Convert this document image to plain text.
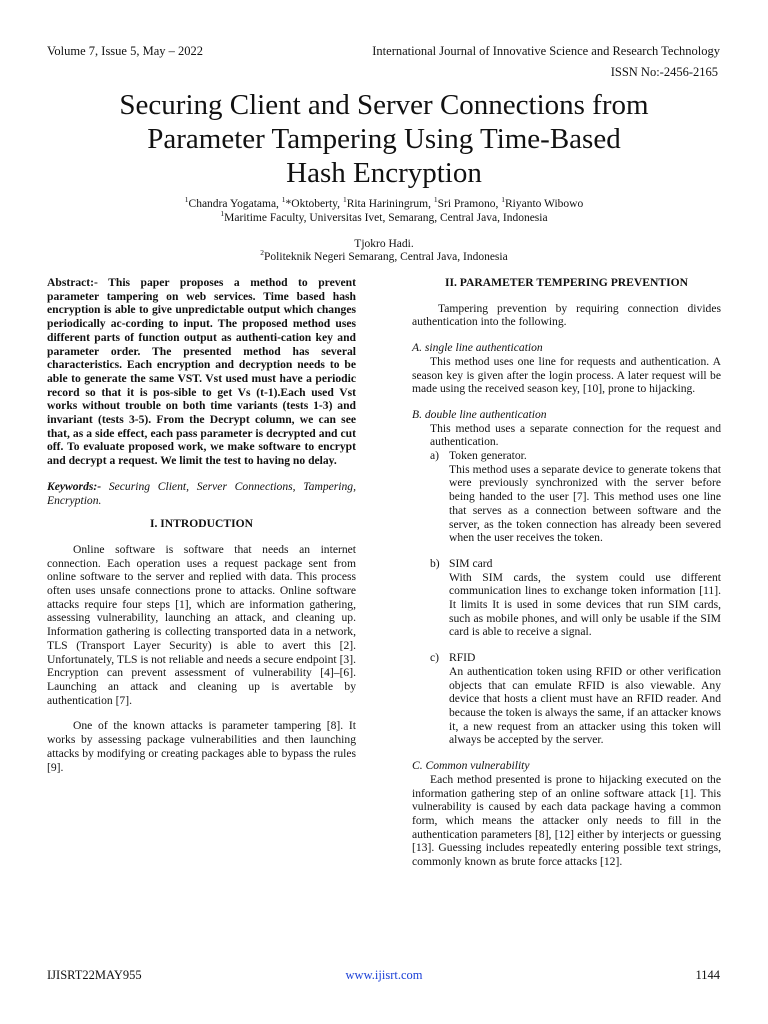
Volume 7, Issue 5, May – 2022	International Journal of Innovative Science and Research Technology
ISSN No:-2456-2165
Securing Client and Server Connections from
Parameter Tampering Using Time-Based
Hash Encryption
$^1$Chandra Yogatama, $^1$*Oktoberty, $^1$Rita Hariningrum, $^1$Sri Pramono, $^1$Riyanto Wibowo
$^1$Maritime Faculty, Universitas Ivet, Semarang, Central Java, Indonesia
Tjokro Hadi.
$^2$Politeknik Negeri Semarang, Central Java, Indonesia

Abstract:- This paper proposes a method to prevent parameter tampering on web services. Time based hash encryption is able to give unpredictable output which changes periodically ac-cording to input. The proposed method uses different parts of function output as authenti-cation key and parameter order. The presented method has several characteristics. Each encryption and decryption needs to be able to generate the same VST. Vst used must have a periodic record so that it is pos-sible to get Vs (t-1).Each used Vst works without trouble on both time variants (tests 1-3) and invariant (tests 3-5). From the Decrypt column, we can see that, as a side effect, each pass parameter is decrypted and cut off. To evaluate proposed work, we make software to encrypt and decrypt a request. We limit the test to having no delay.

Keywords:- Securing Client, Server Connections, Tampering, Encryption.

I. INTRODUCTION

Online software is software that needs an internet connection. Each operation uses a request package sent from online software to the server and replied with data. This process often uses unsafe connections prone to attacks. Online software attacks require four steps [1], which are information gathering, assessing vulnerability, launching an attack, and cleaning up. Information gathering is collecting transported data in a network, TLS (Transport Layer Security) is able to avert this [2]. Unfortunately, TLS is not reliable and needs a secure endpoint [3]. Encryption can prevent assessment of vulnerability [4]–[6]. Launching an attack and cleaning up is avertable by authentication [7].

One of the known attacks is parameter tampering [8]. It works by assessing package vulnerabilities and then launching attacks by modifying or creating packages able to bypass the rules [9].

II. PARAMETER TEMPERING PREVENTION

Tampering prevention by requiring connection divides authentication into the following.

A. single line authentication

This method uses one line for requests and authentication. A season key is given after the login process. A later request will be made using the received season key, [10], prone to hijacking.

B. double line authentication

This method uses a separate connection for the request and authentication.

a) Token generator.
This method uses a separate device to generate tokens that were previously synchronized with the server before being handed to the user [7]. This method uses one line that serves as a connection between software and the server, as the token connection has already been severed when the user receives the token.
b) SIM card
With SIM cards, the system could use different communication lines to exchange token information [11]. It limits It is used in some devices that run SIM cards, such as mobile phones, and will only be usable if the SIM card is able to receive a signal.
c) RFID
An authentication token using RFID or other verification objects that can emulate RFID is also viewable. Any device that hosts a client must have an RFID reader. And because the token is always the same, if an attacker knows it, a new request from an attacker using this token will always be accepted by the server.

C. Common vulnerability

Each method presented is prone to hijacking executed on the information gathering step of an online software attack [1]. This vulnerability is caused by each data package having a common form, which means the attacker only needs to fill in the authentication parameters [8], [12] either by interjects or guessing [13]. Guessing includes repeatedly entering possible text strings, commonly known as brute force attacks [12].

IJISRT22MAY955	www.ijisrt.com	1144
